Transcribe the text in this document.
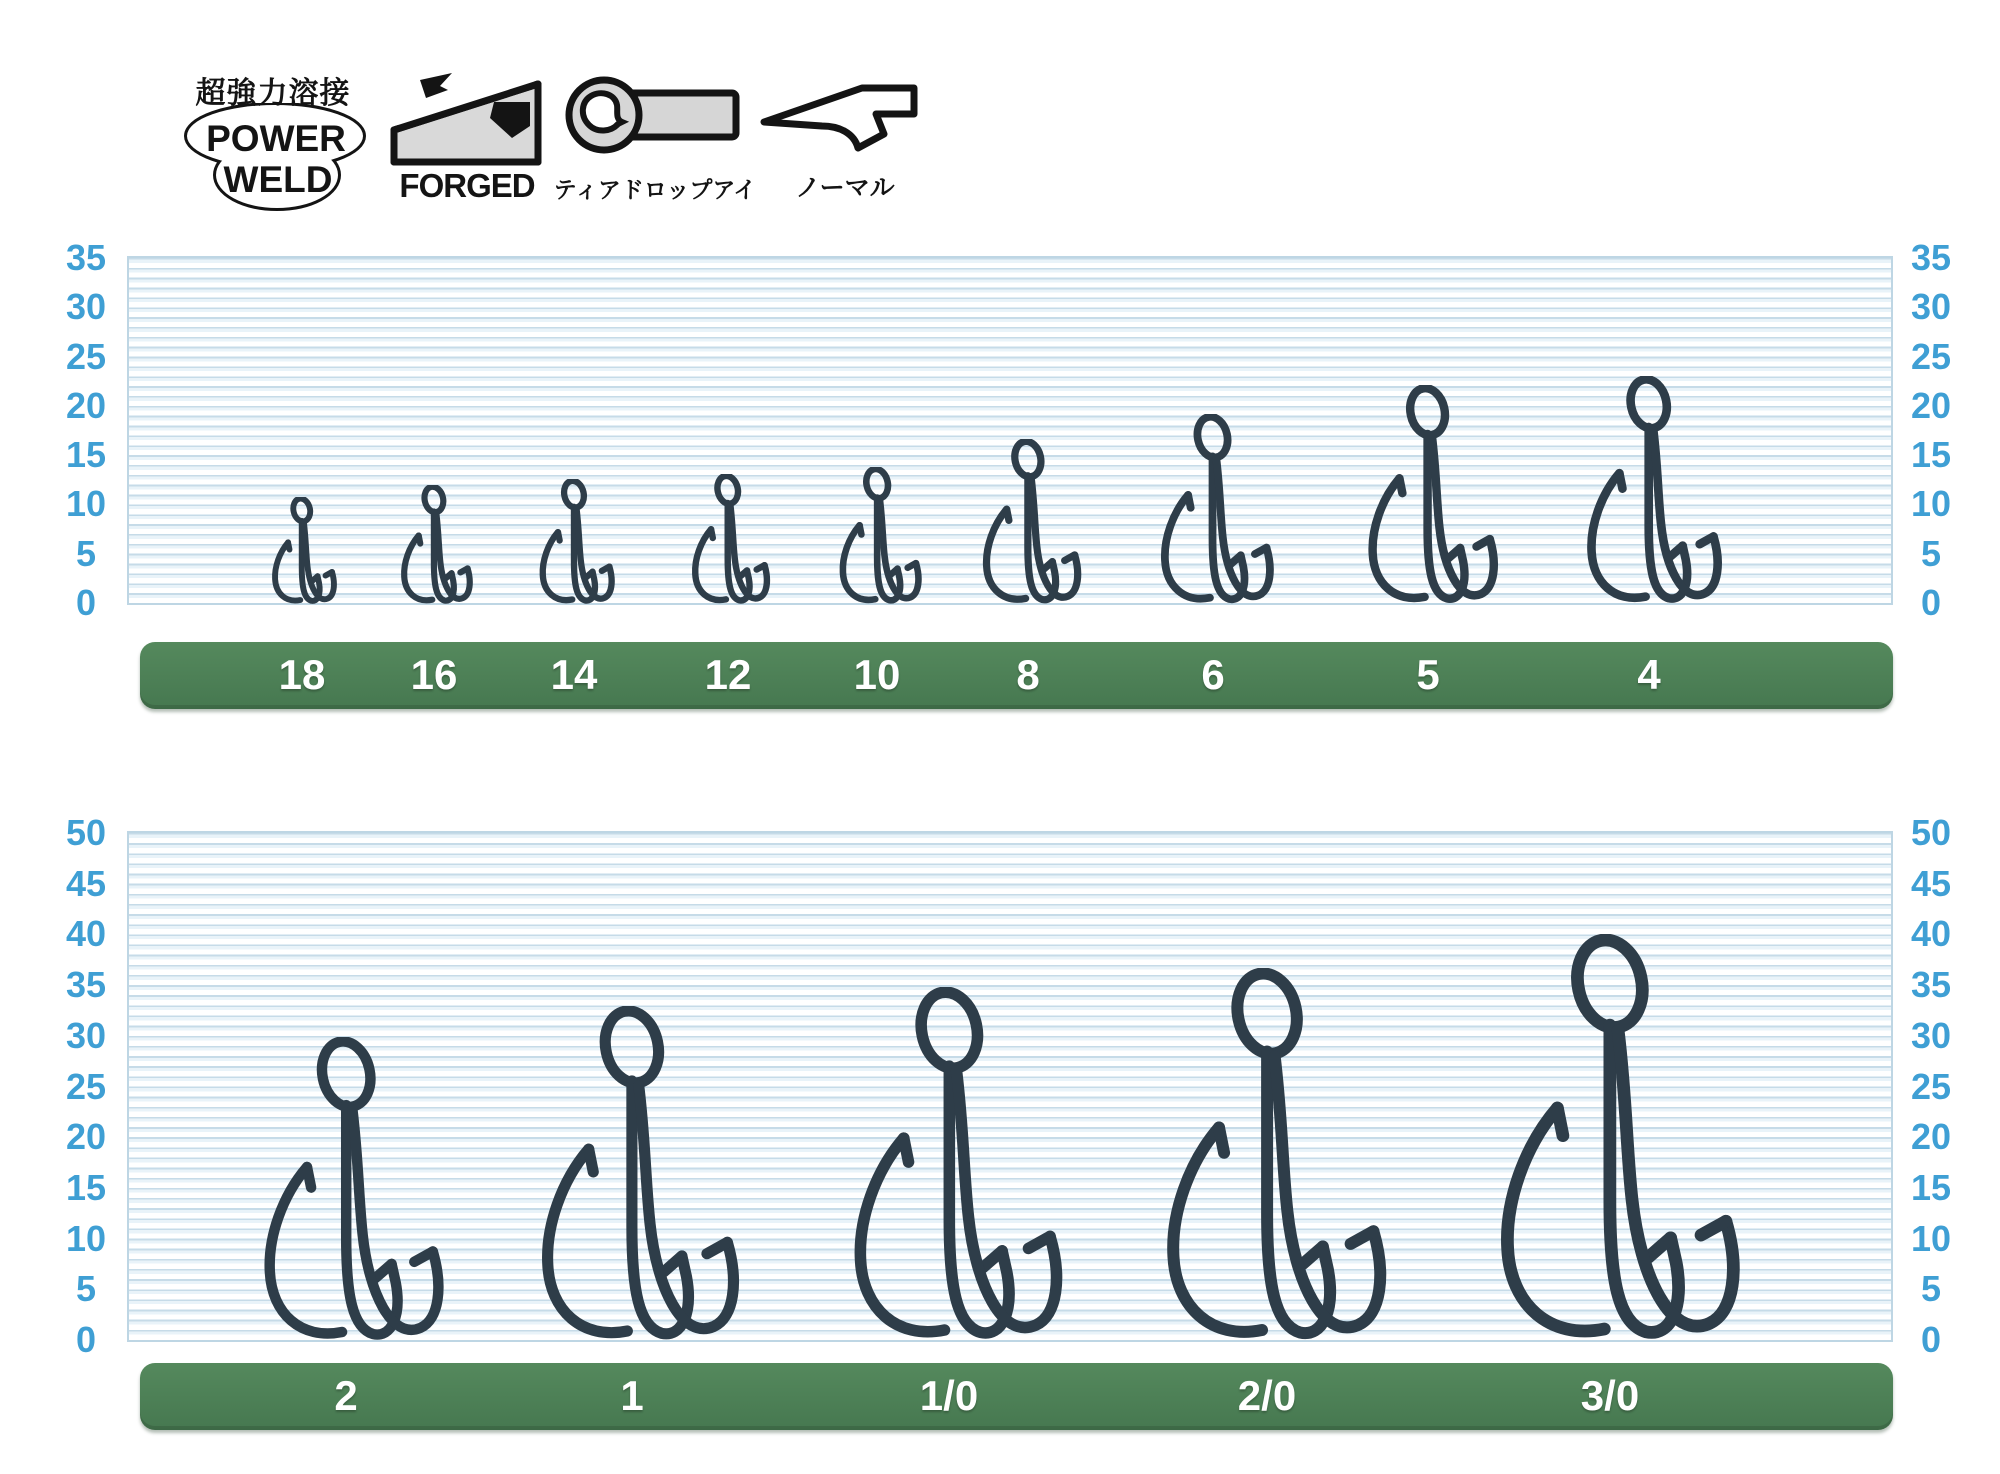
超強力溶接
POWER
WELD FORGED ティアドロップアイ ノーマル
35	35
30	30
25	25
20	20
15	15
10	10
5	5
0	0
18 16 14	12 10	8	6	5	4
50	50
45	45
40	40
35	35
30	30
25	25
20	20
15	15
10	10
5	5
0	0
2	1	1/0	2/0	3/0
